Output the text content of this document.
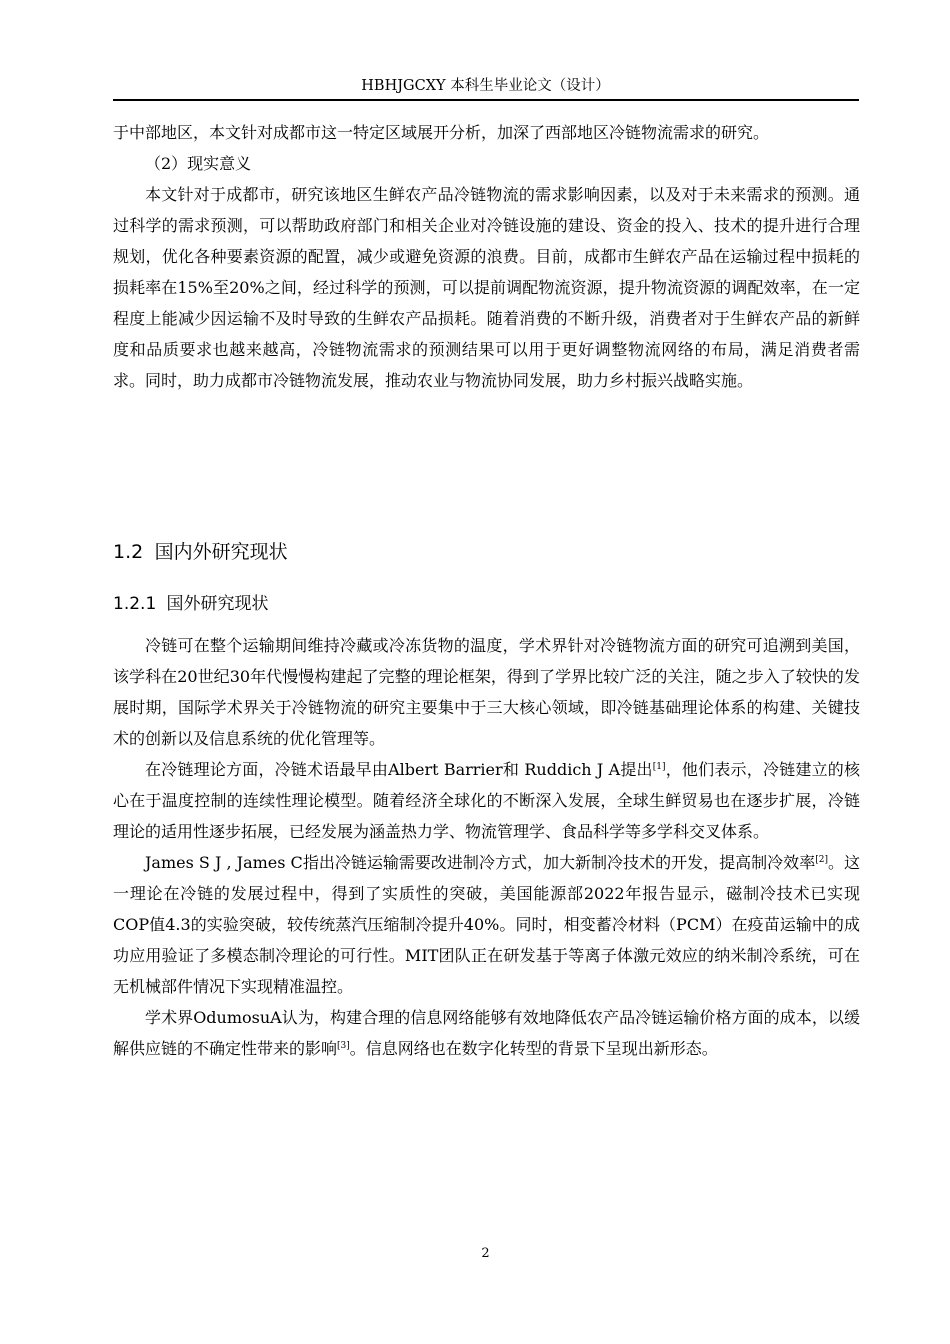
HBHJGCXY 本科生毕业论文（设计）

于中部地区，本文针对成都市这一特定区域展开分析，加深了西部地区冷链物流需求的研究。

（2）现实意义

本文针对于成都市，研究该地区生鲜农产品冷链物流的需求影响因素，以及对于未来需求的预测。通过科学的需求预测，可以帮助政府部门和相关企业对冷链设施的建设、资金的投入、技术的提升进行合理规划，优化各种要素资源的配置，减少或避免资源的浪费。目前，成都市生鲜农产品在运输过程中损耗的损耗率在15%至20%之间，经过科学的预测，可以提前调配物流资源，提升物流资源的调配效率，在一定程度上能减少因运输不及时导致的生鲜农产品损耗。随着消费的不断升级，消费者对于生鲜农产品的新鲜度和品质要求也越来越高，冷链物流需求的预测结果可以用于更好调整物流网络的布局，满足消费者需求。同时，助力成都市冷链物流发展，推动农业与物流协同发展，助力乡村振兴战略实施。

1.2 国内外研究现状
1.2.1 国外研究现状

冷链可在整个运输期间维持冷藏或冷冻货物的温度，学术界针对冷链物流方面的研究可追溯到美国，该学科在20世纪30年代慢慢构建起了完整的理论框架，得到了学界比较广泛的关注，随之步入了较快的发展时期，国际学术界关于冷链物流的研究主要集中于三大核心领域，即冷链基础理论体系的构建、关键技术的创新以及信息系统的优化管理等。

在冷链理论方面，冷链术语最早由Albert Barrier和 Ruddich J A提出[1]，他们表示，冷链建立的核心在于温度控制的连续性理论模型。随着经济全球化的不断深入发展，全球生鲜贸易也在逐步扩展，冷链理论的适用性逐步拓展，已经发展为涵盖热力学、物流管理学、食品科学等多学科交叉体系。

James S J , James C指出冷链运输需要改进制冷方式，加大新制冷技术的开发，提高制冷效率[2]。这一理论在冷链的发展过程中，得到了实质性的突破，美国能源部2022年报告显示，磁制冷技术已实现COP值4.3的实验突破，较传统蒸汽压缩制冷提升40%。同时，相变蓄冷材料（PCM）在疫苗运输中的成功应用验证了多模态制冷理论的可行性。MIT团队正在研发基于等离子体激元效应的纳米制冷系统，可在无机械部件情况下实现精准温控。

学术界OdumosuA认为，构建合理的信息网络能够有效地降低农产品冷链运输价格方面的成本，以缓解供应链的不确定性带来的影响[3]。信息网络也在数字化转型的背景下呈现出新形态。

2
